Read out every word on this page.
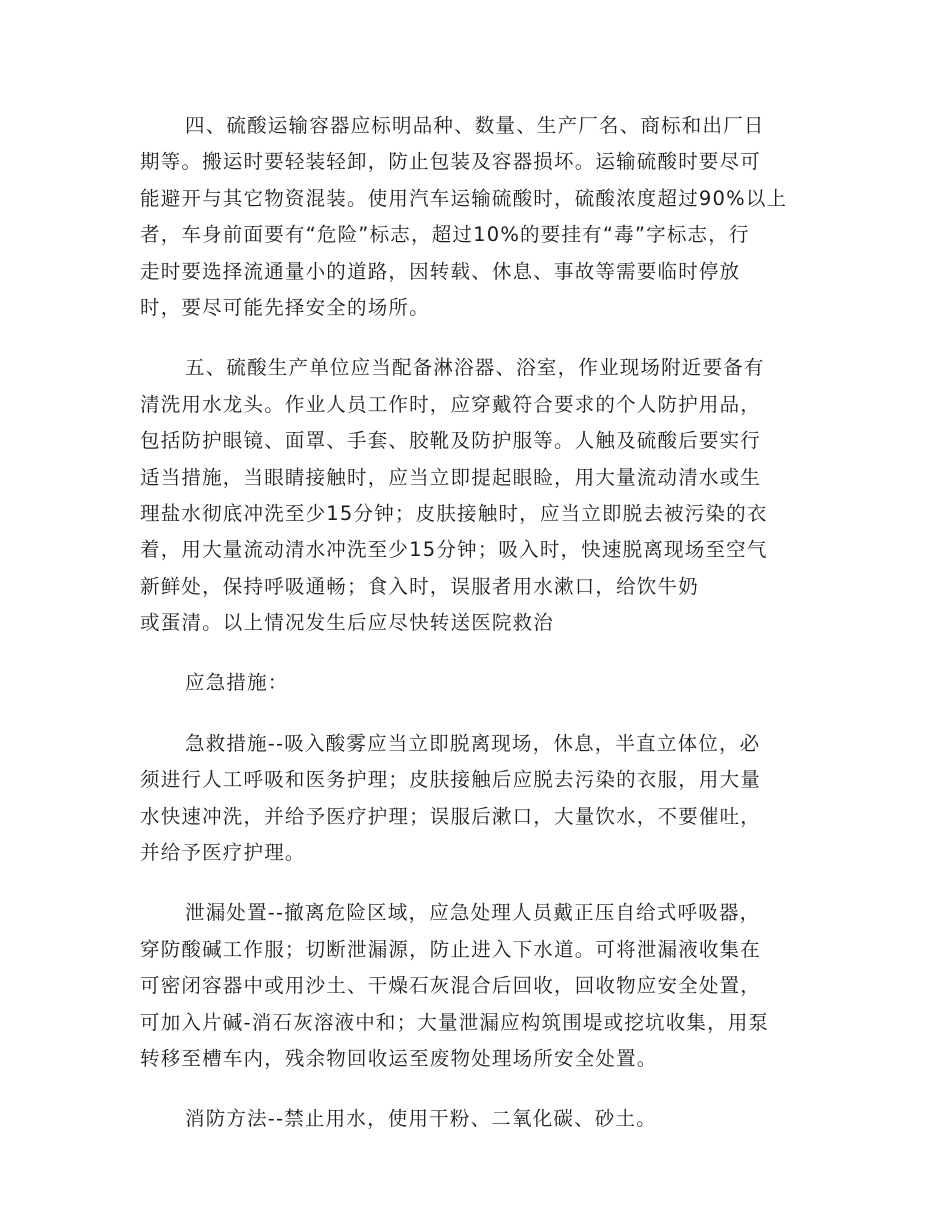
四、硫酸运输容器应标明品种、数量、生产厂名、商标和出厂日
期等。搬运时要轻装轻卸，防止包装及容器损坏。运输硫酸时要尽可
能避开与其它物资混装。使用汽车运输硫酸时，硫酸浓度超过90%以上
者，车身前面要有“危险”标志，超过10%的要挂有“毒”字标志，行
走时要选择流通量小的道路，因转载、休息、事故等需要临时停放
时，要尽可能先择安全的场所。
五、硫酸生产单位应当配备淋浴器、浴室，作业现场附近要备有
清洗用水龙头。作业人员工作时，应穿戴符合要求的个人防护用品，
包括防护眼镜、面罩、手套、胶靴及防护服等。人触及硫酸后要实行
适当措施，当眼睛接触时，应当立即提起眼睑，用大量流动清水或生
理盐水彻底冲洗至少15分钟；皮肤接触时，应当立即脱去被污染的衣
着，用大量流动清水冲洗至少15分钟；吸入时，快速脱离现场至空气
新鲜处，保持呼吸通畅；食入时，误服者用水漱口，给饮牛奶
或蛋清。以上情况发生后应尽快转送医院救治
应急措施：
急救措施--吸入酸雾应当立即脱离现场，休息，半直立体位，必
须进行人工呼吸和医务护理；皮肤接触后应脱去污染的衣服，用大量
水快速冲洗，并给予医疗护理；误服后漱口，大量饮水，不要催吐，
并给予医疗护理。
泄漏处置--撤离危险区域，应急处理人员戴正压自给式呼吸器，
穿防酸碱工作服；切断泄漏源，防止进入下水道。可将泄漏液收集在
可密闭容器中或用沙土、干燥石灰混合后回收，回收物应安全处置，
可加入片碱-消石灰溶液中和；大量泄漏应构筑围堤或挖坑收集，用泵
转移至槽车内，残余物回收运至废物处理场所安全处置。
消防方法--禁止用水，使用干粉、二氧化碳、砂土。
